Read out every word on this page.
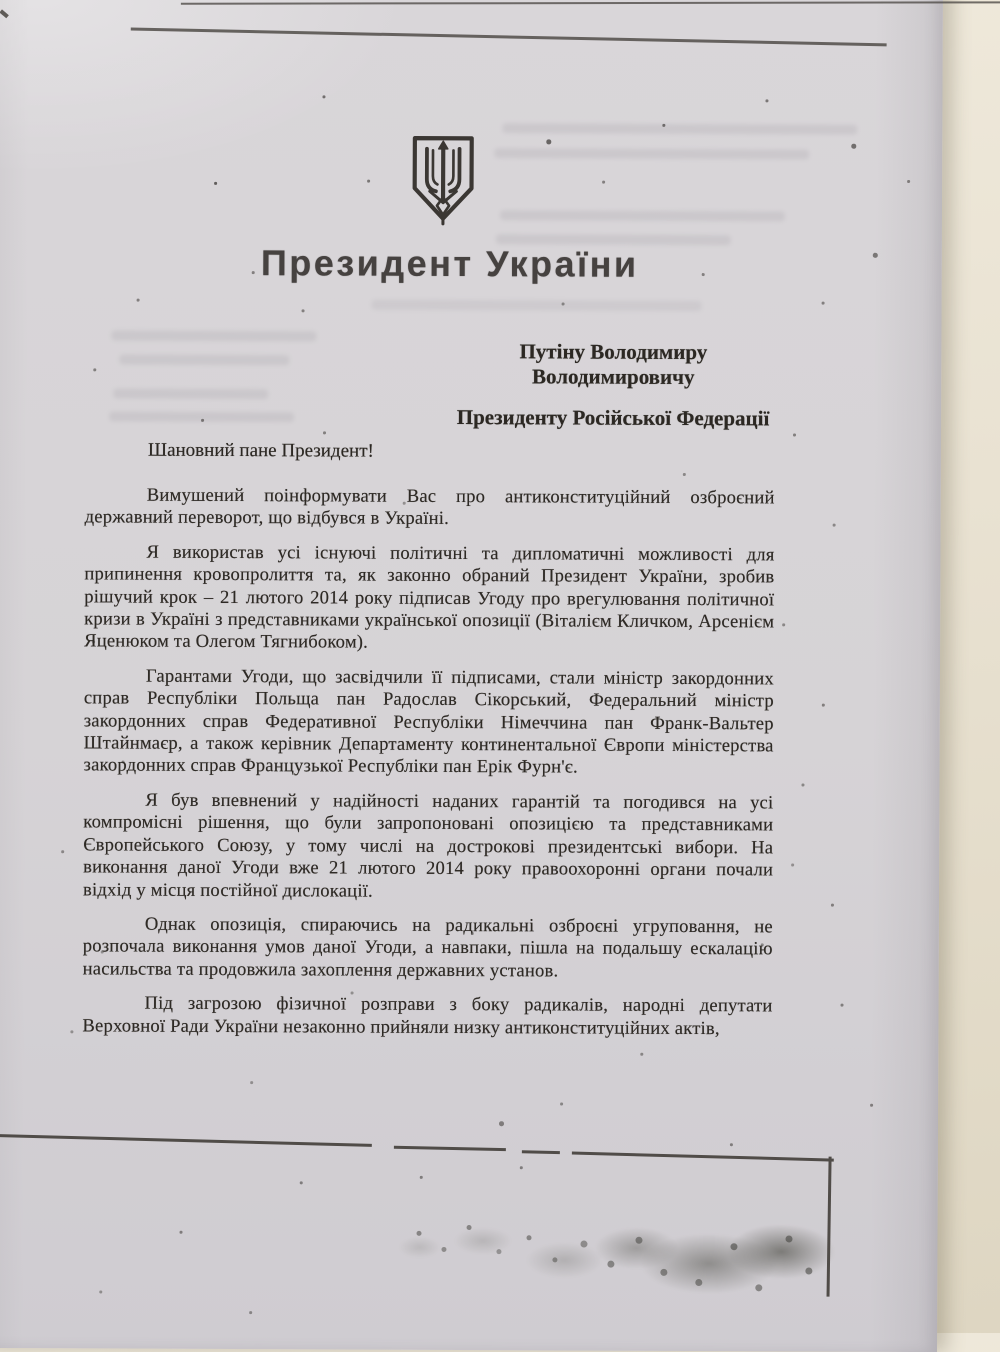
Президент України
Путіну Володимиру Володимировичу
Президенту Російської Федерації
Шановний пане Президент!

Вимушений поінформувати Вас про антиконституційний озброєний державний переворот, що відбувся в Україні.

Я використав усі існуючі політичні та дипломатичні можливості для припинення кровопролиття та, як законно обраний Президент України, зробив рішучий крок – 21 лютого 2014 року підписав Угоду про врегулювання політичної кризи в Україні з представниками української опозиції (Віталієм Кличком, Арсенієм Яценюком та Олегом Тягнибоком).

Гарантами Угоди, що засвідчили її підписами, стали міністр закордонних справ Республіки Польща пан Радослав Сікорський, Федеральний міністр закордонних справ Федеративної Республіки Німеччина пан Франк-Вальтер Штайнмаєр, а також керівник Департаменту континентальної Європи міністерства закордонних справ Французької Республіки пан Ерік Фурн'є.

Я був впевнений у надійності наданих гарантій та погодився на усі компромісні рішення, що були запропоновані опозицією та представниками Європейського Союзу, у тому числі на дострокові президентські вибори. На виконання даної Угоди вже 21 лютого 2014 року правоохоронні органи почали відхід у місця постійної дислокації.

Однак опозиція, спираючись на радикальні озброєні угруповання, не розпочала виконання умов даної Угоди, а навпаки, пішла на подальшу ескалацію насильства та продовжила захоплення державних установ.

Під загрозою фізичної розправи з боку радикалів, народні депутати Верховної Ради України незаконно прийняли низку антиконституційних актів,
